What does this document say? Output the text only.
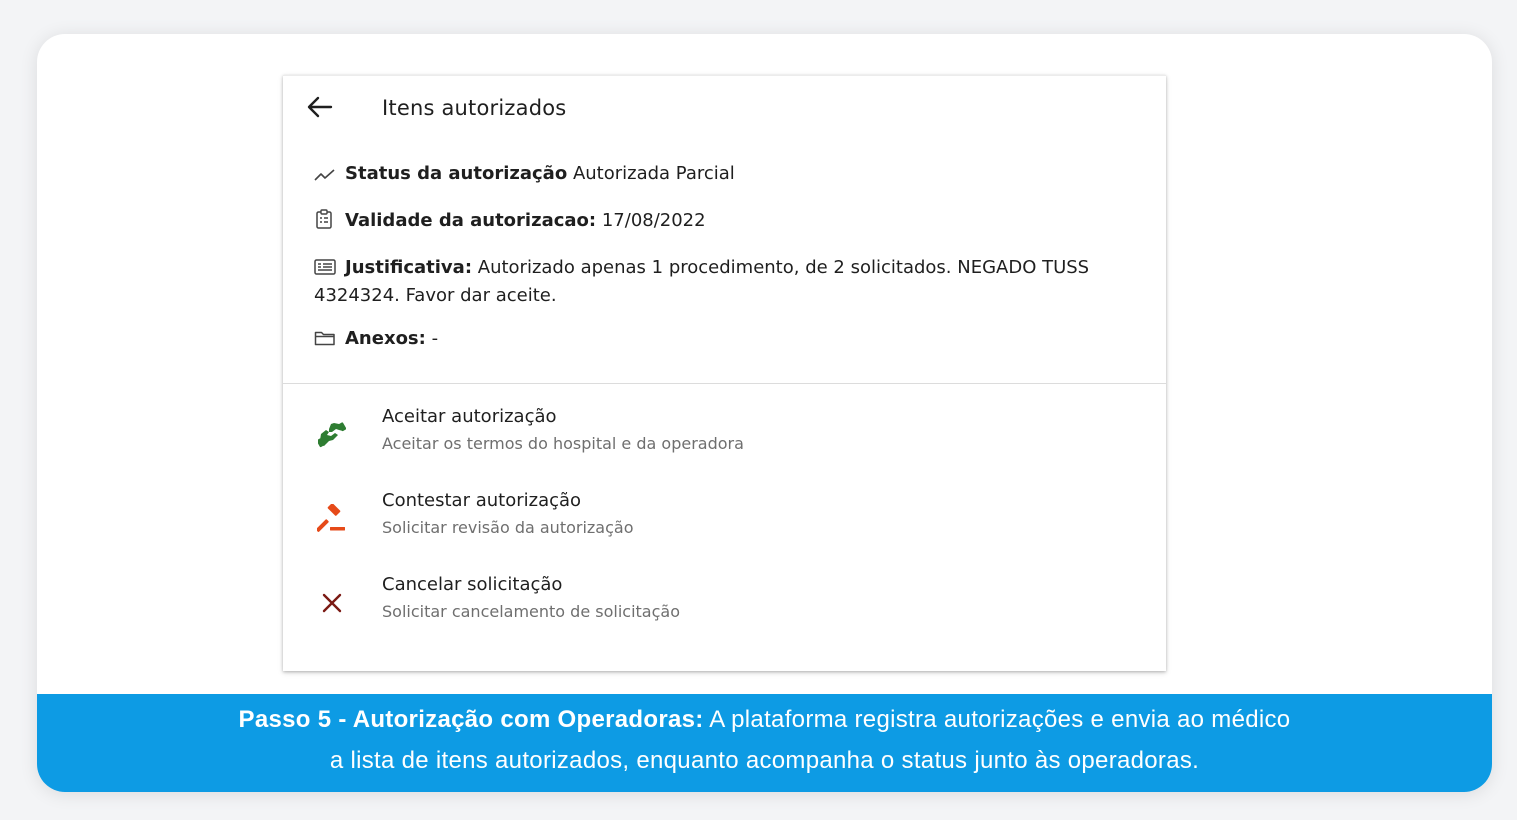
Itens autorizados
Status da autorização Autorizada Parcial
Validade da autorizacao: 17/08/2022
Justificativa: Autorizado apenas 1 procedimento, de 2 solicitados. NEGADO TUSS 4324324. Favor dar aceite.
Anexos: -
Aceitar autorização
Aceitar os termos do hospital e da operadora
Contestar autorização
Solicitar revisão da autorização
Cancelar solicitação
Solicitar cancelamento de solicitação
Passo 5 - Autorização com Operadoras: A plataforma registra autorizações e envia ao médico
a lista de itens autorizados, enquanto acompanha o status junto às operadoras.
